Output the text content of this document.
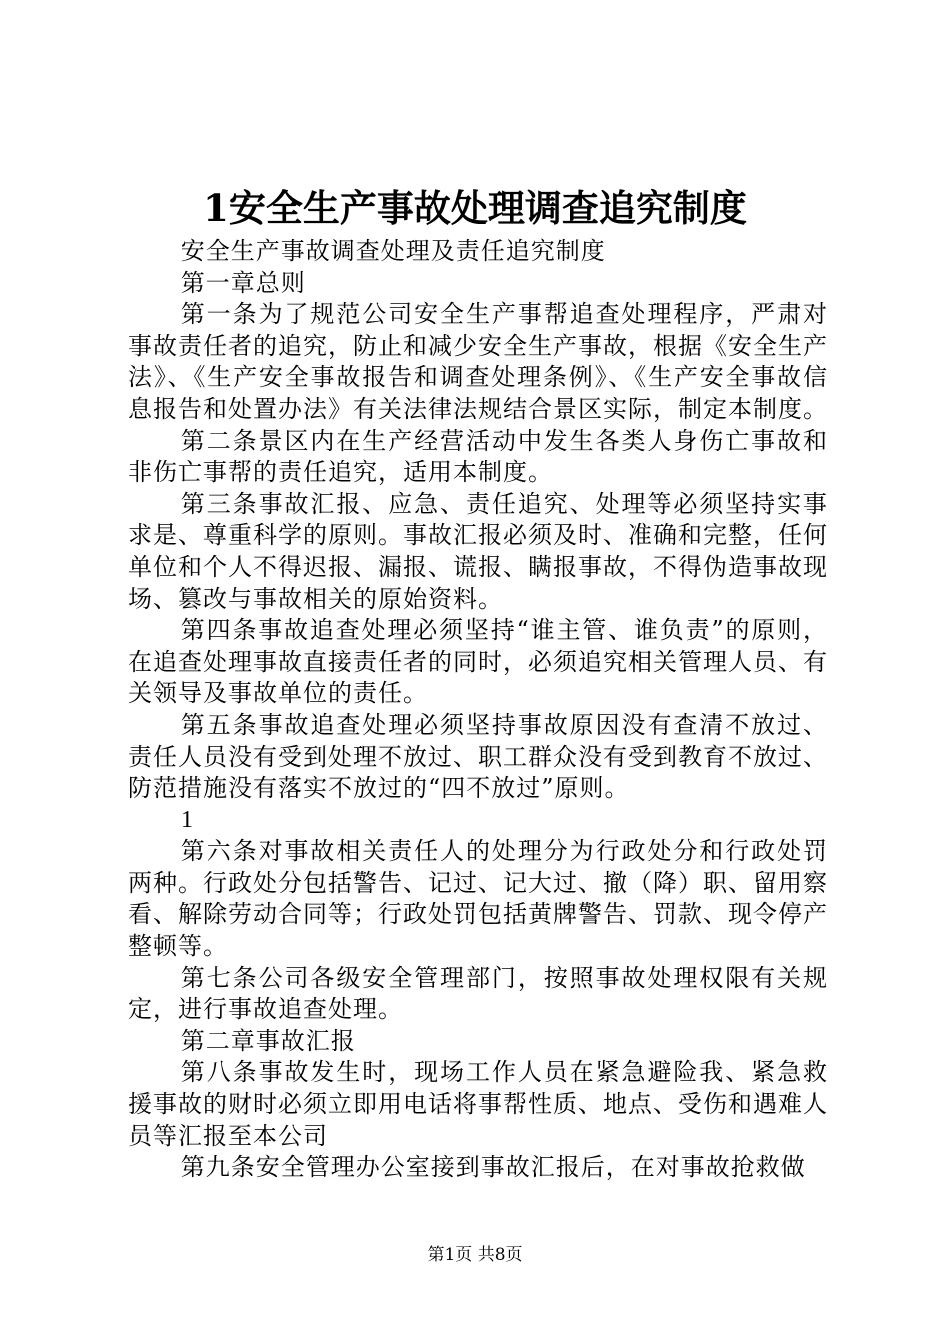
1安全生产事故处理调查追究制度

安全生产事故调查处理及责任追究制度

第一章总则

第一条为了规范公司安全生产事帮追查处理程序，严肃对事故责任者的追究，防止和减少安全生产事故，根据《安全生产法》、《生产安全事故报告和调查处理条例》、《生产安全事故信息报告和处置办法》有关法律法规结合景区实际，制定本制度。

第二条景区内在生产经营活动中发生各类人身伤亡事故和非伤亡事帮的责任追究，适用本制度。

第三条事故汇报、应急、责任追究、处理等必须坚持实事求是、尊重科学的原则。事故汇报必须及时、准确和完整，任何单位和个人不得迟报、漏报、谎报、瞒报事故，不得伪造事故现场、篡改与事故相关的原始资料。

第四条事故追查处理必须坚持“谁主管、谁负责”的原则，在追查处理事故直接责任者的同时，必须追究相关管理人员、有关领导及事故单位的责任。

第五条事故追查处理必须坚持事故原因没有查清不放过、责任人员没有受到处理不放过、职工群众没有受到教育不放过、防范措施没有落实不放过的“四不放过”原则。

1

第六条对事故相关责任人的处理分为行政处分和行政处罚两种。行政处分包括警告、记过、记大过、撤（降）职、留用察看、解除劳动合同等；行政处罚包括黄牌警告、罚款、现令停产整顿等。

第七条公司各级安全管理部门，按照事故处理权限有关规定，进行事故追查处理。

第二章事故汇报

第八条事故发生时，现场工作人员在紧急避险我、紧急救援事故的财时必须立即用电话将事帮性质、地点、受伤和遇难人员等汇报至本公司

第九条安全管理办公室接到事故汇报后，在对事故抢救做

第1页 共8页
